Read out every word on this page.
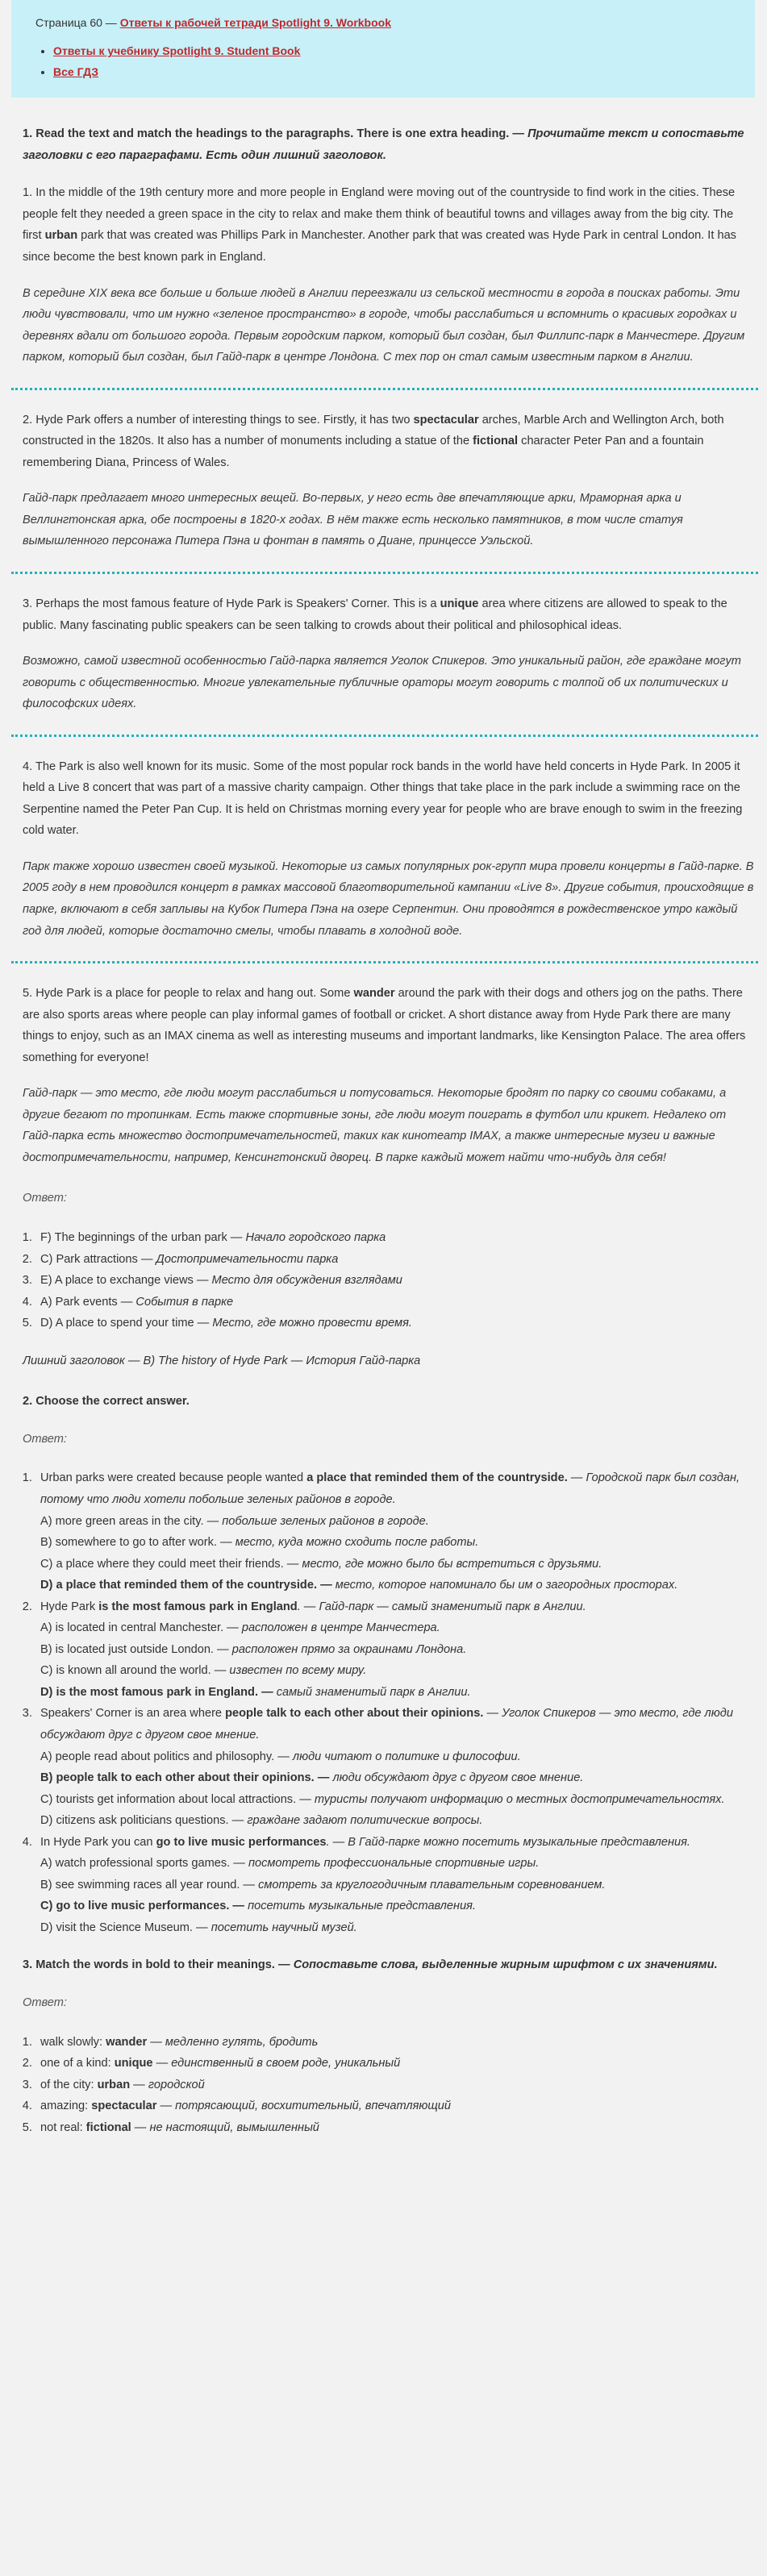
Страница 60 — Ответы к рабочей тетради Spotlight 9. Workbook
• Ответы к учебнику Spotlight 9. Student Book
• Все ГДЗ

1. Read the text and match the headings to the paragraphs. There is one extra heading. — Прочитайте текст и сопоставьте заголовки с его параграфами. Есть один лишний заголовок.

1. In the middle of the 19th century more and more people in England were moving out of the countryside to find work in the cities. These people felt they needed a green space in the city to relax and make them think of beautiful towns and villages away from the big city. The first urban park that was created was Phillips Park in Manchester. Another park that was created was Hyde Park in central London. It has since become the best known park in England.

В середине XIX века все больше и больше людей в Англии переезжали из сельской местности в города в поисках работы. Эти люди чувствовали, что им нужно «зеленое пространство» в городе, чтобы расслабиться и вспомнить о красивых городках и деревнях вдали от большого города. Первым городским парком, который был создан, был Филлипс-парк в Манчестере. Другим парком, который был создан, был Гайд-парк в центре Лондона. С тех пор он стал самым известным парком в Англии.

2. Hyde Park offers a number of interesting things to see. Firstly, it has two spectacular arches, Marble Arch and Wellington Arch, both constructed in the 1820s. It also has a number of monuments including a statue of the fictional character Peter Pan and a fountain remembering Diana, Princess of Wales.

Гайд-парк предлагает много интересных вещей. Во-первых, у него есть две впечатляющие арки, Мраморная арка и Веллингтонская арка, обе построены в 1820-х годах. В нём также есть несколько памятников, в том числе статуя вымышленного персонажа Питера Пэна и фонтан в память о Диане, принцессе Уэльской.

3. Perhaps the most famous feature of Hyde Park is Speakers' Corner. This is a unique area where citizens are allowed to speak to the public. Many fascinating public speakers can be seen talking to crowds about their political and philosophical ideas.

Возможно, самой известной особенностью Гайд-парка является Уголок Спикеров. Это уникальный район, где граждане могут говорить с общественностью. Многие увлекательные публичные ораторы могут говорить с толпой об их политических и философских идеях.

4. The Park is also well known for its music. Some of the most popular rock bands in the world have held concerts in Hyde Park. In 2005 it held a Live 8 concert that was part of a massive charity campaign. Other things that take place in the park include a swimming race on the Serpentine named the Peter Pan Cup. It is held on Christmas morning every year for people who are brave enough to swim in the freezing cold water.

Парк также хорошо известен своей музыкой. Некоторые из самых популярных рок-групп мира провели концерты в Гайд-парке. В 2005 году в нем проводился концерт в рамках массовой благотворительной кампании «Live 8». Другие события, происходящие в парке, включают в себя заплывы на Кубок Питера Пэна на озере Серпентин. Они проводятся в рождественское утро каждый год для людей, которые достаточно смелы, чтобы плавать в холодной воде.

5. Hyde Park is a place for people to relax and hang out. Some wander around the park with their dogs and others jog on the paths. There are also sports areas where people can play informal games of football or cricket. A short distance away from Hyde Park there are many things to enjoy, such as an IMAX cinema as well as interesting museums and important landmarks, like Kensington Palace. The area offers something for everyone!

Гайд-парк — это место, где люди могут расслабиться и потусоваться. Некоторые бродят по парку со своими собаками, а другие бегают по тропинкам. Есть также спортивные зоны, где люди могут поиграть в футбол или крикет. Недалеко от Гайд-парка есть множество достопримечательностей, таких как кинотеатр IMAX, а также интересные музеи и важные достопримечательности, например, Кенсингтонский дворец. В парке каждый может найти что-нибудь для себя!

Ответ:

1. F) The beginnings of the urban park — Начало городского парка
2. C) Park attractions — Достопримечательности парка
3. E) A place to exchange views — Место для обсуждения взглядами
4. A) Park events — События в парке
5. D) A place to spend your time — Место, где можно провести время.

Лишний заголовок — B) The history of Hyde Park — История Гайд-парка

2. Choose the correct answer.

Ответ:

1. Urban parks were created because people wanted a place that reminded them of the countryside. — Городской парк был создан, потому что люди хотели побольше зеленых районов в городе.
A) more green areas in the city. — побольше зеленых районов в городе.
B) somewhere to go to after work. — место, куда можно сходить после работы.
C) a place where they could meet their friends. — место, где можно было бы встретиться с друзьями.
D) a place that reminded them of the countryside. — место, которое напоминало бы им о загородных просторах.
2. Hyde Park is the most famous park in England. — Гайд-парк — самый знаменитый парк в Англии.
A) is located in central Manchester. — расположен в центре Манчестера.
B) is located just outside London. — расположен прямо за окраинами Лондона.
C) is known all around the world. — известен по всему миру.
D) is the most famous park in England. — самый знаменитый парк в Англии.
3. Speakers' Corner is an area where people talk to each other about their opinions. — Уголок Спикеров — это место, где люди обсуждают друг с другом свое мнение.
A) people read about politics and philosophy. — люди читают о политике и философии.
B) people talk to each other about their opinions. — люди обсуждают друг с другом свое мнение.
C) tourists get information about local attractions. — туристы получают информацию о местных достопримечательностях.
D) citizens ask politicians questions. — граждане задают политические вопросы.
4. In Hyde Park you can go to live music performances. — В Гайд-парке можно посетить музыкальные представления.
A) watch professional sports games. — посмотреть профессиональные спортивные игры.
B) see swimming races all year round. — смотреть за круглогодичным плавательным соревнованием.
C) go to live music performances. — посетить музыкальные представления.
D) visit the Science Museum. — посетить научный музей.

3. Match the words in bold to their meanings. — Сопоставьте слова, выделенные жирным шрифтом с их значениями.

Ответ:

1. walk slowly: wander — медленно гулять, бродить
2. one of a kind: unique — единственный в своем роде, уникальный
3. of the city: urban — городской
4. amazing: spectacular — потрясающий, восхитительный, впечатляющий
5. not real: fictional — не настоящий, вымышленный
